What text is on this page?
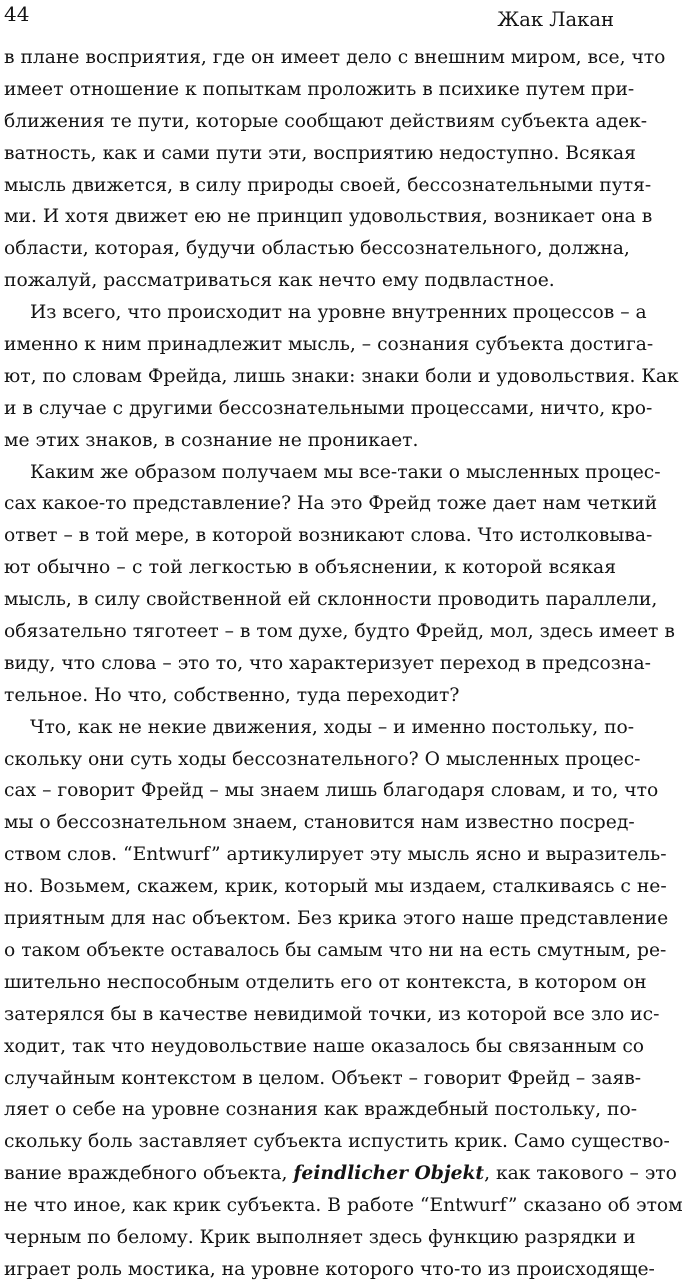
44	Жак Лакан
в плане восприятия, где он имеет дело с внешним миром, все, что
имеет отношение к попыткам проложить в психике путем при-
ближения те пути, которые сообщают действиям субъекта адек-
ватность, как и сами пути эти, восприятию недоступно. Всякая
мысль движется, в силу природы своей, бессознательными путя-
ми. И хотя движет ею не принцип удовольствия, возникает она в
области, которая, будучи областью бессознательного, должна,
пожалуй, рассматриваться как нечто ему подвластное.
Из всего, что происходит на уровне внутренних процессов – а
именно к ним принадлежит мысль, – сознания субъекта достига-
ют, по словам Фрейда, лишь знаки: знаки боли и удовольствия. Как
и в случае с другими бессознательными процессами, ничто, кро-
ме этих знаков, в сознание не проникает.
Каким же образом получаем мы все-таки о мысленных процес-
сах какое-то представление? На это Фрейд тоже дает нам четкий
ответ – в той мере, в которой возникают слова. Что истолковыва-
ют обычно – с той легкостью в объяснении, к которой всякая
мысль, в силу свойственной ей склонности проводить параллели,
обязательно тяготеет – в том духе, будто Фрейд, мол, здесь имеет в
виду, что слова – это то, что характеризует переход в предсозна-
тельное. Но что, собственно, туда переходит?
Что, как не некие движения, ходы – и именно постольку, по-
скольку они суть ходы бессознательного? О мысленных процес-
сах – говорит Фрейд – мы знаем лишь благодаря словам, и то, что
мы о бессознательном знаем, становится нам известно посред-
ством слов. “Entwurf” артикулирует эту мысль ясно и выразитель-
но. Возьмем, скажем, крик, который мы издаем, сталкиваясь с не-
приятным для нас объектом. Без крика этого наше представление
о таком объекте оставалось бы самым что ни на есть смутным, ре-
шительно неспособным отделить его от контекста, в котором он
затерялся бы в качестве невидимой точки, из которой все зло ис-
ходит, так что неудовольствие наше оказалось бы связанным со
случайным контекстом в целом. Объект – говорит Фрейд – заяв-
ляет о себе на уровне сознания как враждебный постольку, по-
скольку боль заставляет субъекта испустить крик. Само существо-
вание враждебного объекта, feindlicher Objekt, как такового – это
не что иное, как крик субъекта. В работе “Entwurf” сказано об этом
черным по белому. Крик выполняет здесь функцию разрядки и
играет роль мостика, на уровне которого что-то из происходяще-
